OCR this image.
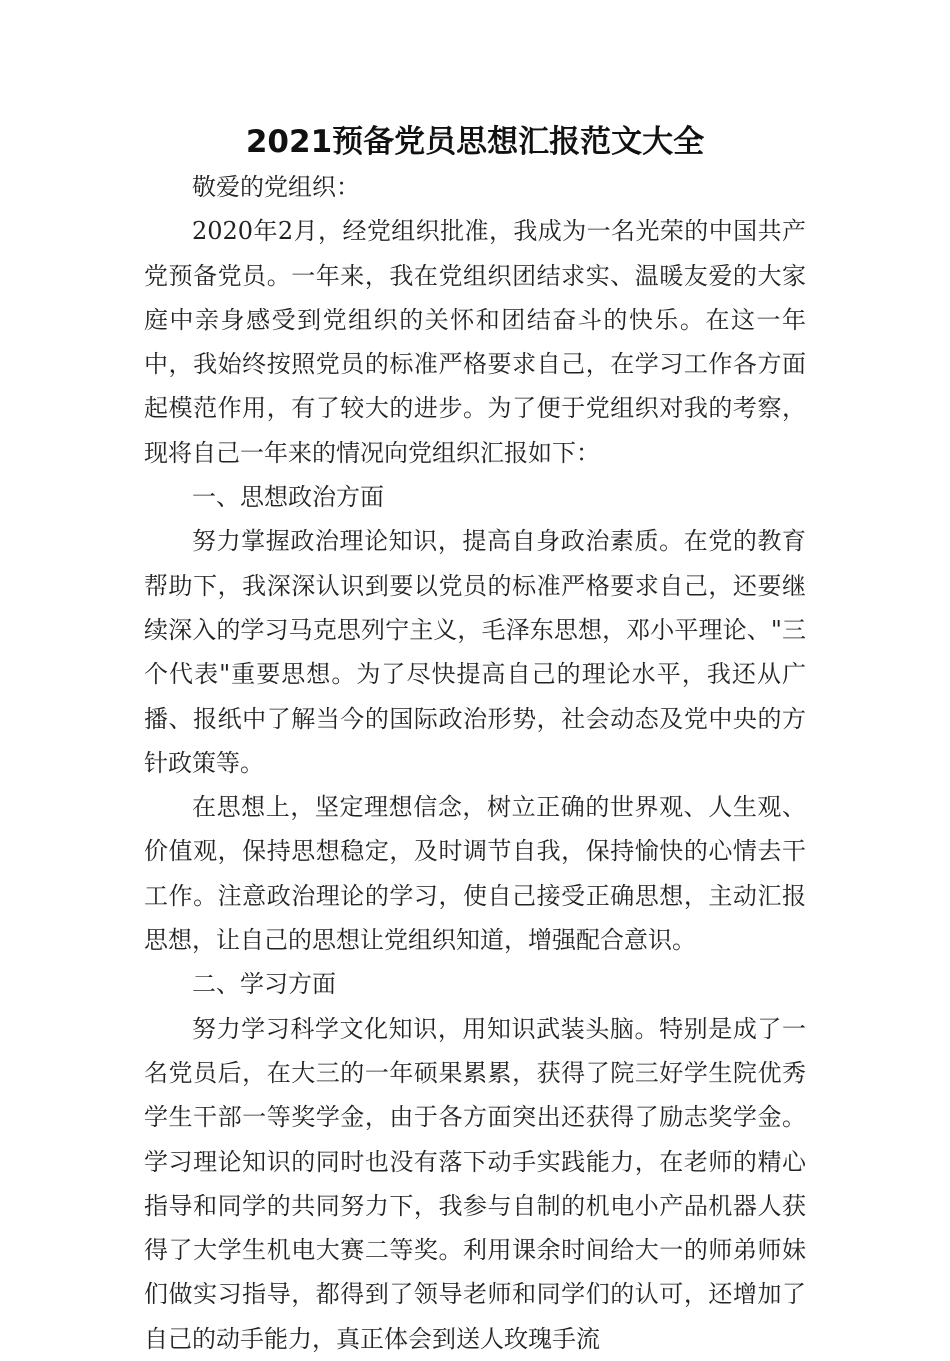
2021预备党员思想汇报范文大全

敬爱的党组织：

2020年2月，经党组织批准，我成为一名光荣的中国共产党预备党员。一年来，我在党组织团结求实、温暖友爱的大家庭中亲身感受到党组织的关怀和团结奋斗的快乐。在这一年中，我始终按照党员的标准严格要求自己，在学习工作各方面起模范作用，有了较大的进步。为了便于党组织对我的考察，现将自己一年来的情况向党组织汇报如下：

一、思想政治方面

努力掌握政治理论知识，提高自身政治素质。在党的教育帮助下，我深深认识到要以党员的标准严格要求自己，还要继续深入的学习马克思列宁主义，毛泽东思想，邓小平理论、"三个代表"重要思想。为了尽快提高自己的理论水平，我还从广播、报纸中了解当今的国际政治形势，社会动态及党中央的方针政策等。

在思想上，坚定理想信念，树立正确的世界观、人生观、价值观，保持思想稳定，及时调节自我，保持愉快的心情去干工作。注意政治理论的学习，使自己接受正确思想，主动汇报思想，让自己的思想让党组织知道，增强配合意识。

二、学习方面

努力学习科学文化知识，用知识武装头脑。特别是成了一名党员后，在大三的一年硕果累累，获得了院三好学生院优秀学生干部一等奖学金，由于各方面突出还获得了励志奖学金。学习理论知识的同时也没有落下动手实践能力，在老师的精心指导和同学的共同努力下，我参与自制的机电小产品机器人获得了大学生机电大赛二等奖。利用课余时间给大一的师弟师妹们做实习指导，都得到了领导老师和同学们的认可，还增加了自己的动手能力，真正体会到送人玫瑰手流
